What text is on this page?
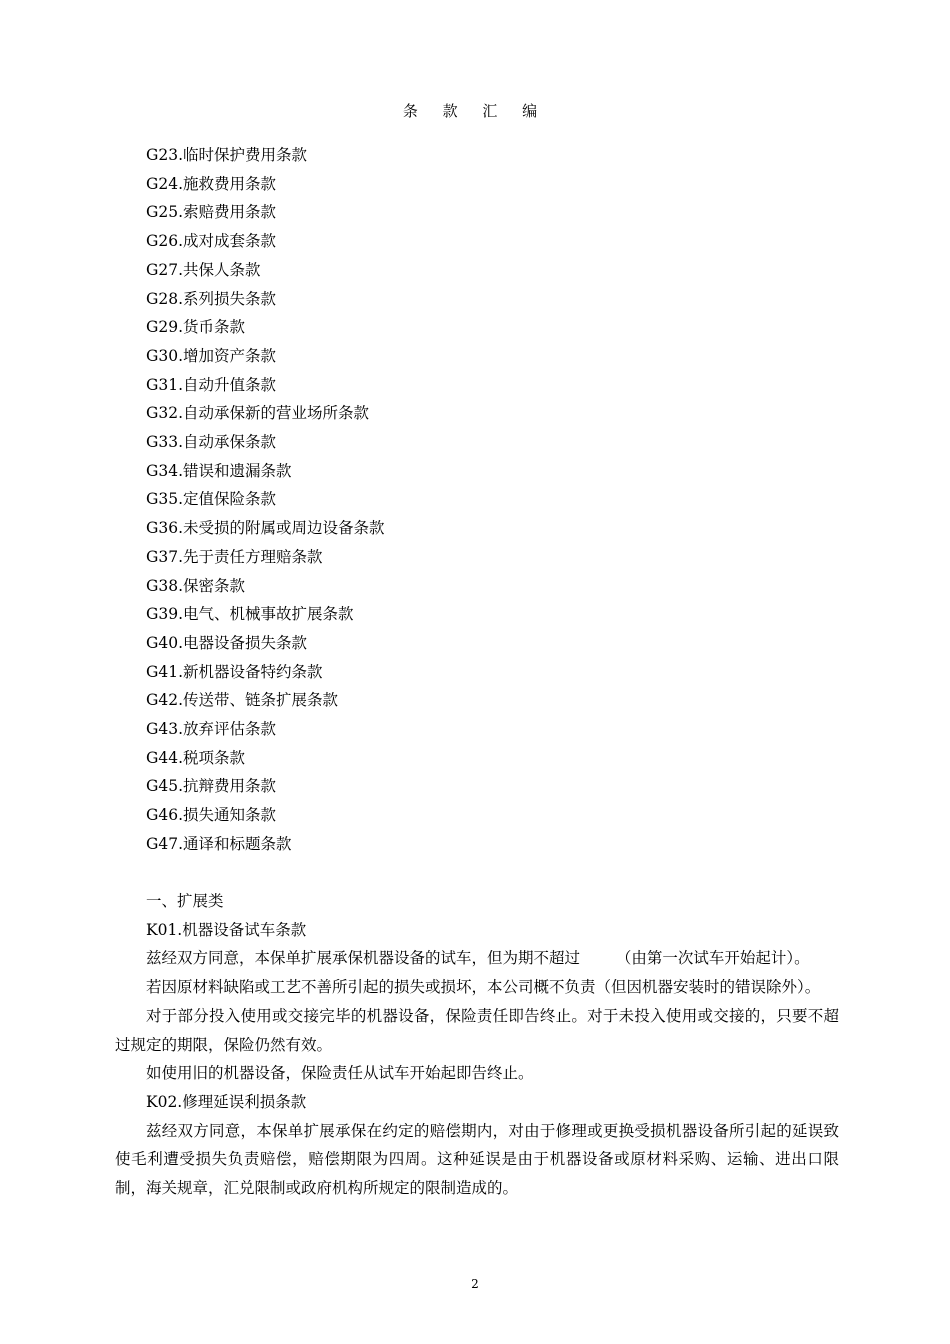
条 款 汇 编
G23.临时保护费用条款
G24.施救费用条款
G25.索赔费用条款
G26.成对成套条款
G27.共保人条款
G28.系列损失条款
G29.货币条款
G30.增加资产条款
G31.自动升值条款
G32.自动承保新的营业场所条款
G33.自动承保条款
G34.错误和遗漏条款
G35.定值保险条款
G36.未受损的附属或周边设备条款
G37.先于责任方理赔条款
G38.保密条款
G39.电气、机械事故扩展条款
G40.电器设备损失条款
G41.新机器设备特约条款
G42.传送带、链条扩展条款
G43.放弃评估条款
G44.税项条款
G45.抗辩费用条款
G46.损失通知条款
G47.通译和标题条款

一、扩展类

K01.机器设备试车条款

兹经双方同意，本保单扩展承保机器设备的试车，但为期不超过　　 （由第一次试车开始起计）。

若因原材料缺陷或工艺不善所引起的损失或损坏，本公司概不负责（但因机器安装时的错误除外）。

对于部分投入使用或交接完毕的机器设备，保险责任即告终止。对于未投入使用或交接的，只要不超过规定的期限，保险仍然有效。

如使用旧的机器设备，保险责任从试车开始起即告终止。

K02.修理延误利损条款

兹经双方同意，本保单扩展承保在约定的赔偿期内，对由于修理或更换受损机器设备所引起的延误致使毛利遭受损失负责赔偿，赔偿期限为四周。这种延误是由于机器设备或原材料采购、运输、进出口限制，海关规章，汇兑限制或政府机构所规定的限制造成的。

2
